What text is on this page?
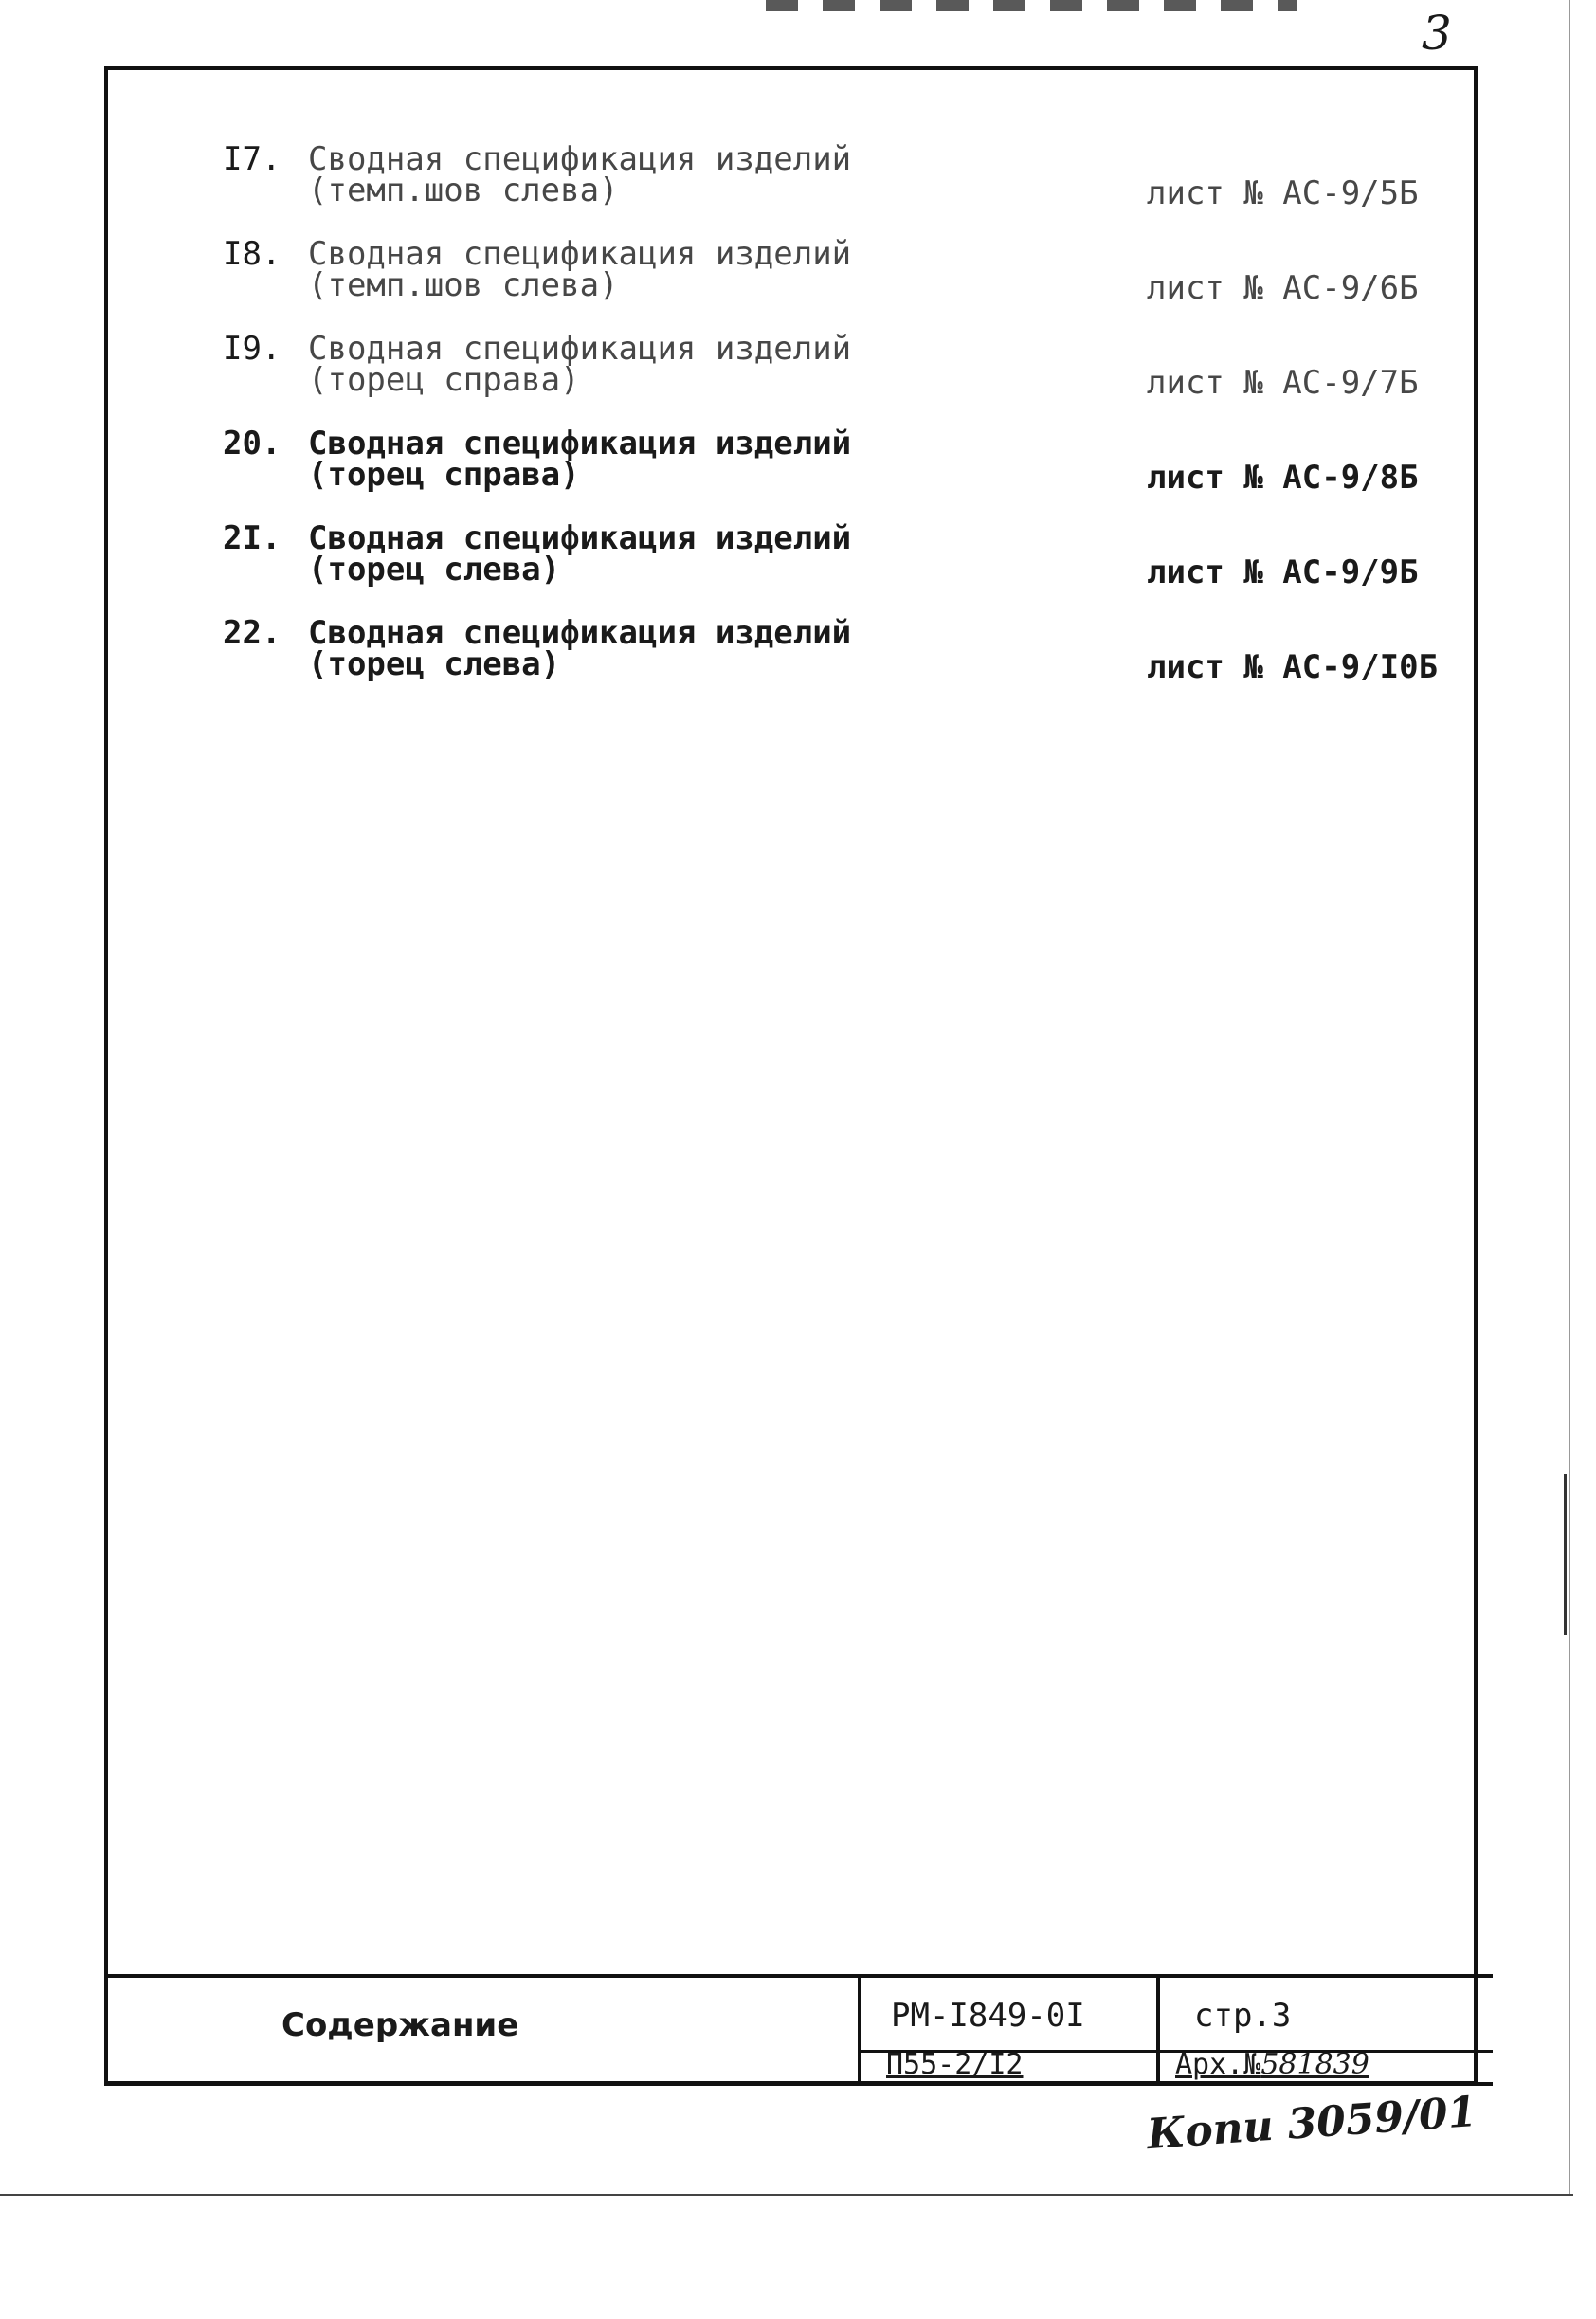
3
I7. Сводная спецификация изделий
(темп.шов слева)	лист № АС-9/5Б
I8. Сводная спецификация изделий
(темп.шов слева)	лист № АС-9/6Б
I9. Сводная спецификация изделий
(торец справа)	лист № АС-9/7Б
20. Сводная спецификация изделий
(торец справа)	лист № АС-9/8Б
2I. Сводная спецификация изделий
(торец слева)	лист № АС-9/9Б
22. Сводная спецификация изделий
(торец слева)	лист № АС-9/I0Б
Содержание	РМ-I849-0I	стр.3
П55-2/I2	Арх.№581839
Копи 3059/01
